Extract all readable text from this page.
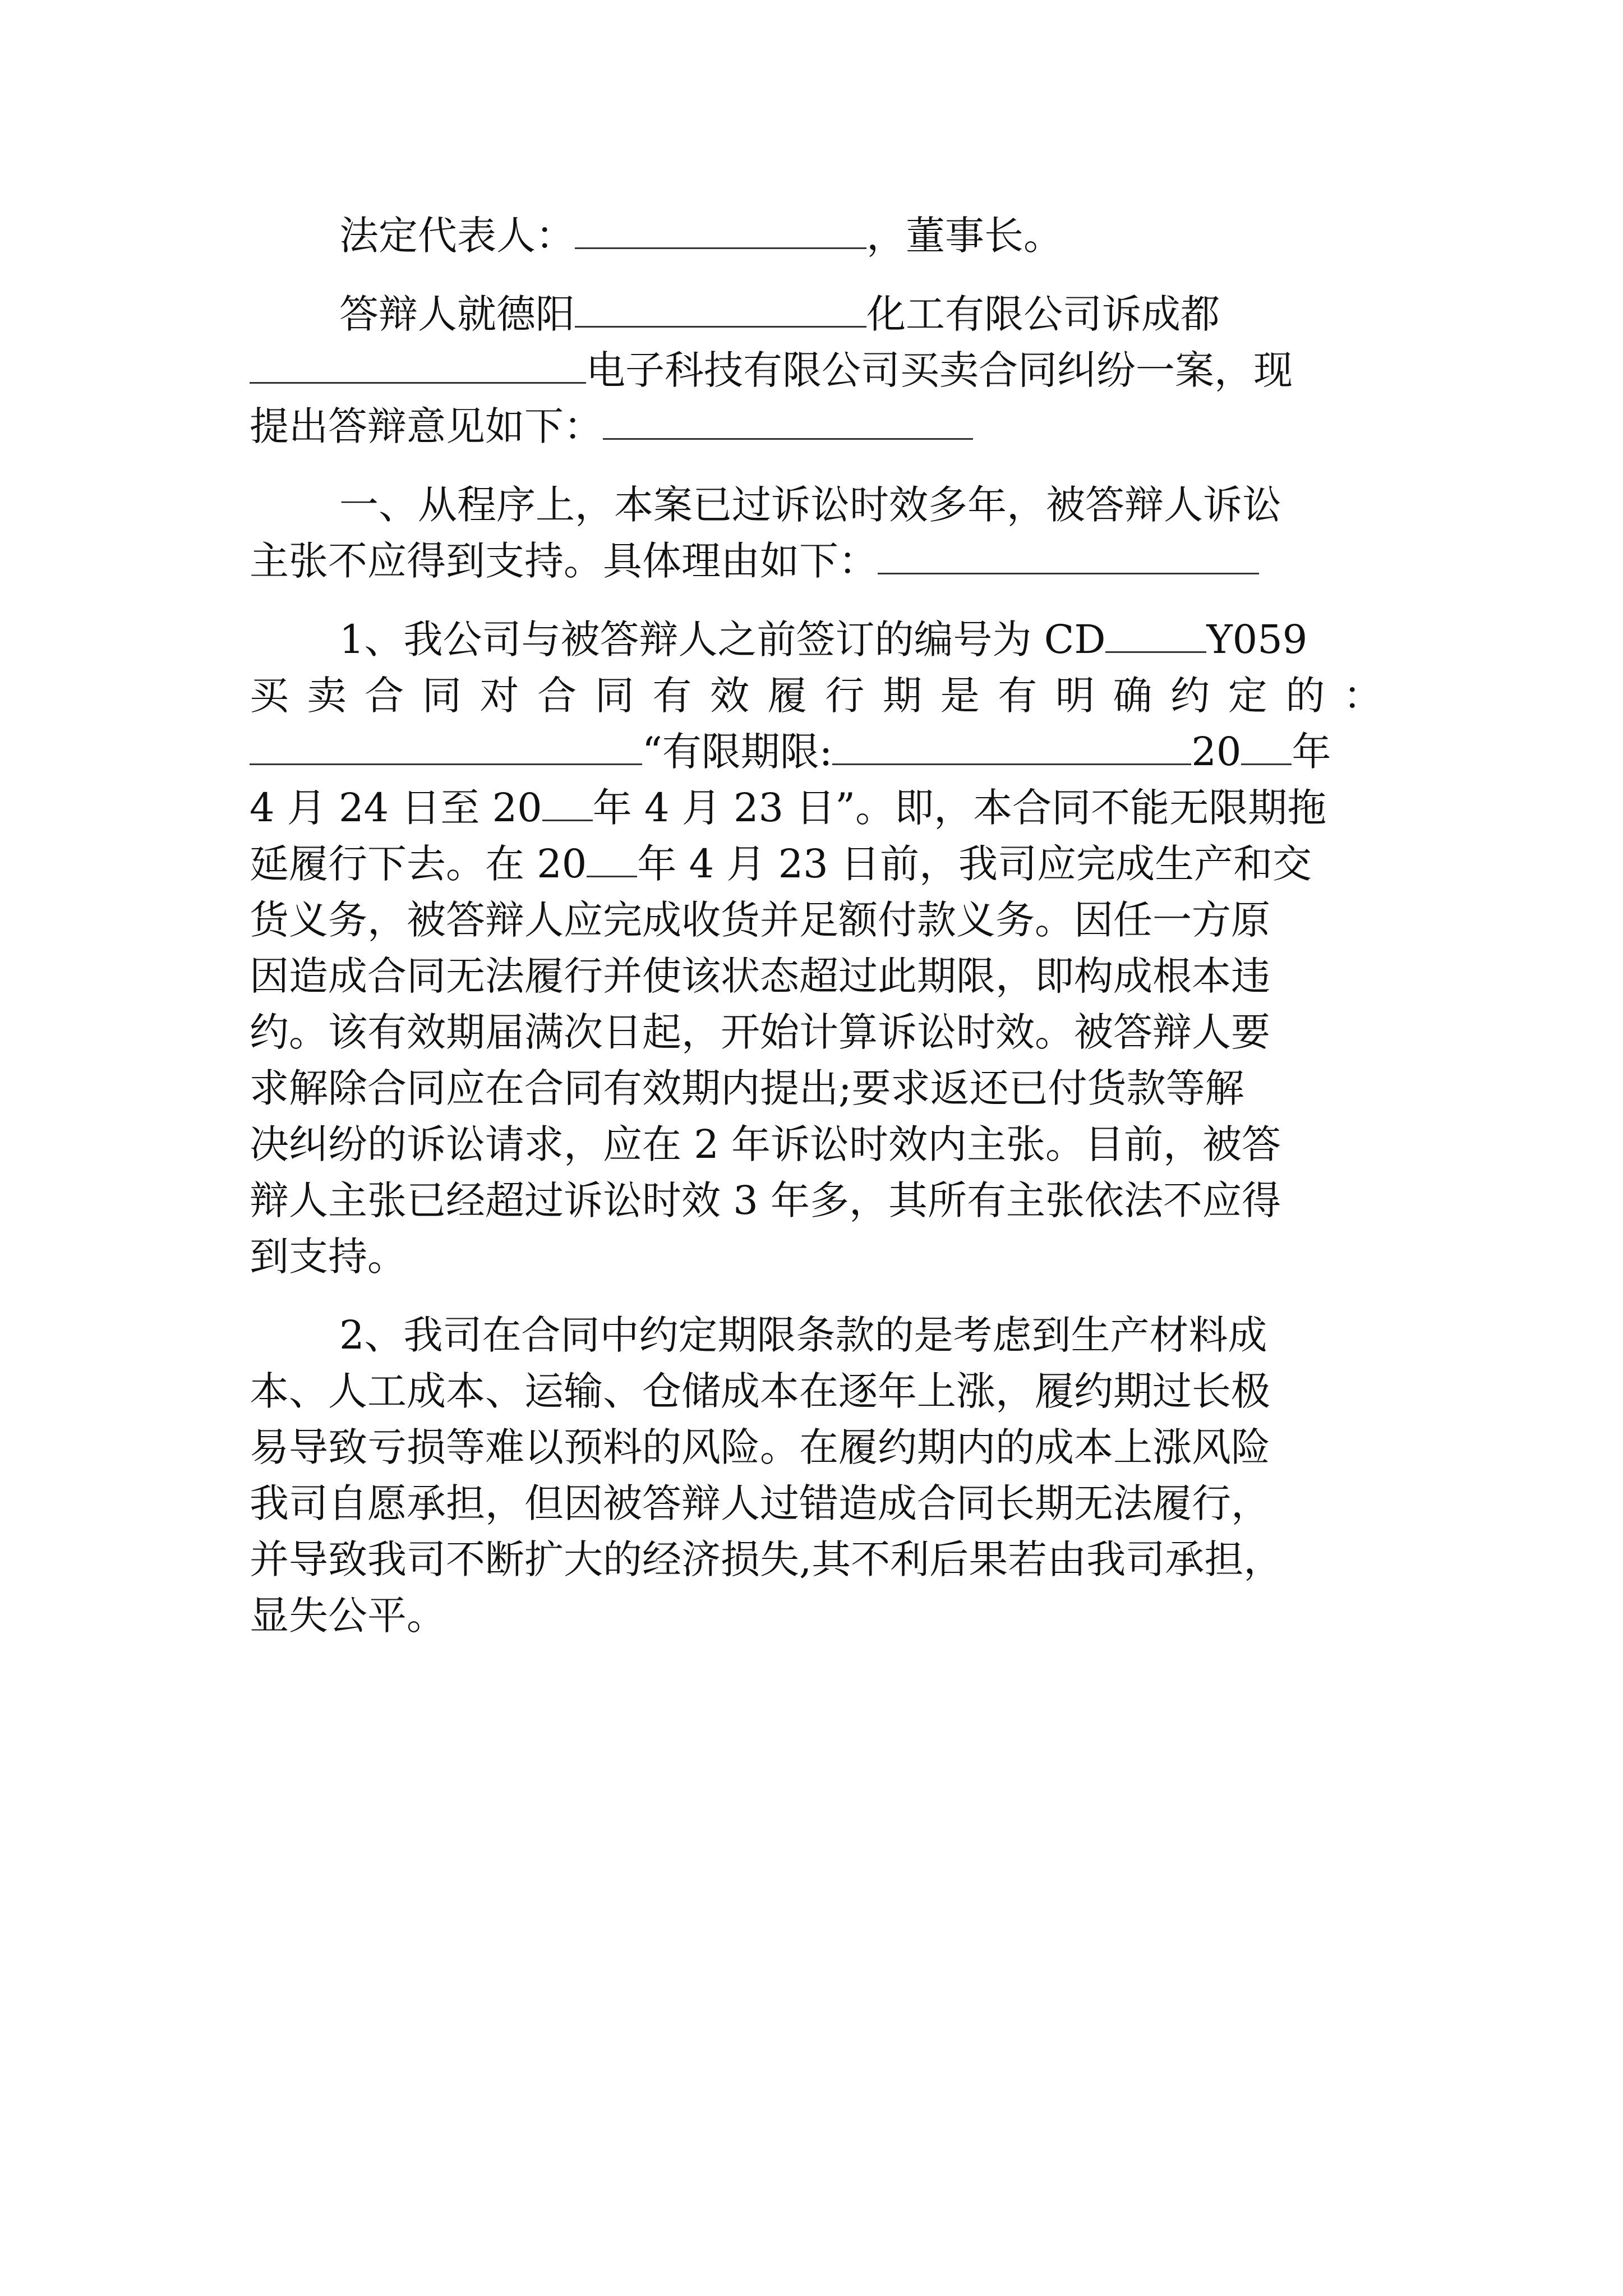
法定代表人：	，董事长。
答辩人就德阳	化工有限公司诉成都
电子科技有限公司买卖合同纠纷一案，现
提出答辩意见如下：
一、从程序上，本案已过诉讼时效多年，被答辩人诉讼
主张不应得到支持。具体理由如下：
1、我公司与被答辩人之前签订的编号为 CD	Y059
买卖合同对合同有效履行期是有明确约定的：
“有限期限:	20 年
4 月 24 日至 20 年 4 月 23 日”。即，本合同不能无限期拖
延履行下去。在 20 年 4 月 23 日前，我司应完成生产和交
货义务，被答辩人应完成收货并足额付款义务。因任一方原
因造成合同无法履行并使该状态超过此期限，即构成根本违
约。该有效期届满次日起，开始计算诉讼时效。被答辩人要
求解除合同应在合同有效期内提出;要求返还已付货款等解
决纠纷的诉讼请求，应在 2 年诉讼时效内主张。目前，被答
辩人主张已经超过诉讼时效 3 年多，其所有主张依法不应得
到支持。
2、我司在合同中约定期限条款的是考虑到生产材料成
本、人工成本、运输、仓储成本在逐年上涨，履约期过长极
易导致亏损等难以预料的风险。在履约期内的成本上涨风险
我司自愿承担，但因被答辩人过错造成合同长期无法履行，
并导致我司不断扩大的经济损失,其不利后果若由我司承担，
显失公平。
